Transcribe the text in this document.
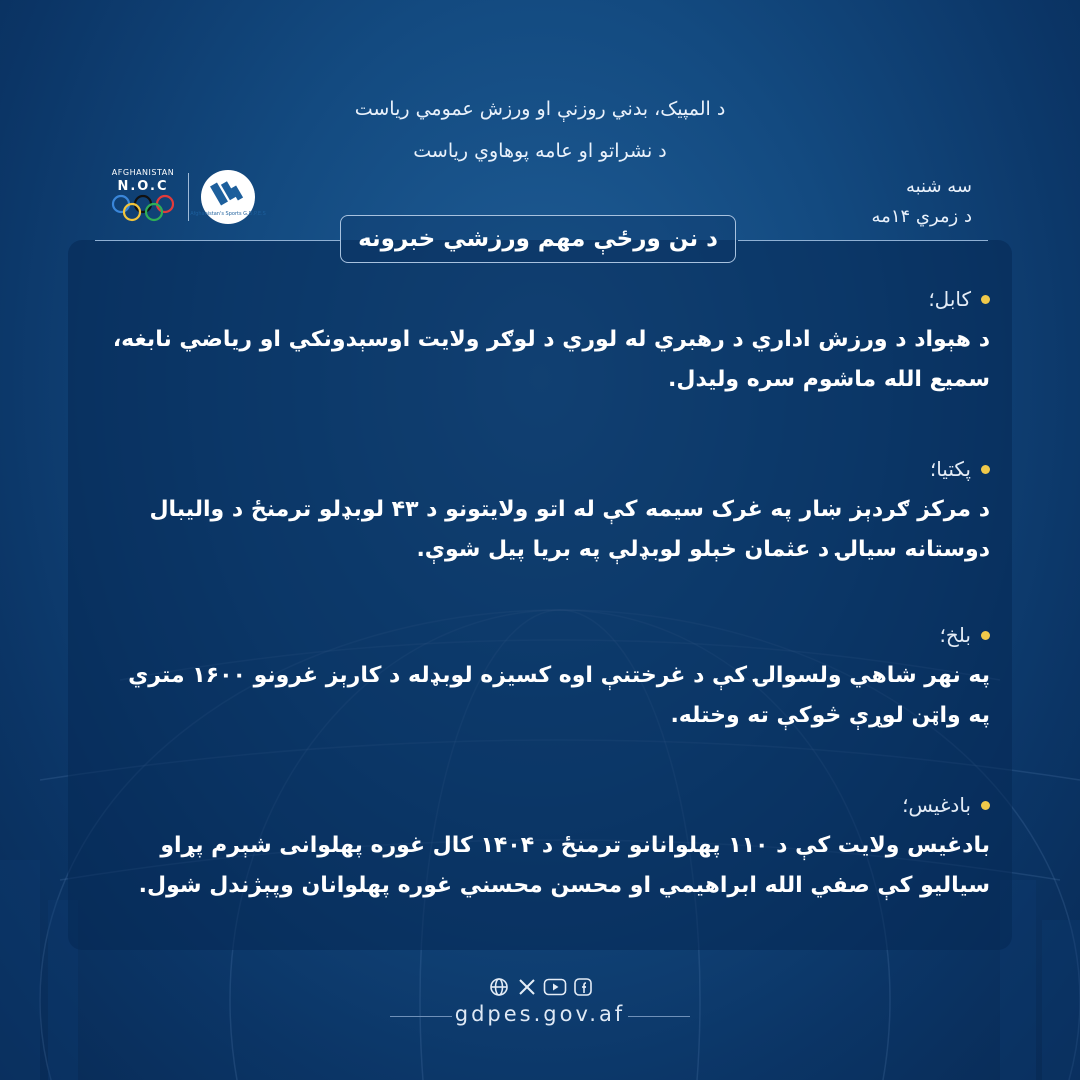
د المپیک، بدني روزنې او ورزش عمومي ریاست
د نشراتو او عامه پوهاوي ریاست
AFGHANISTAN
N.O.C
Afghanistan's Sports G.D.P.E.S
سه شنبه
د زمري ۱۴مه
د نن ورځې مهم ورزشي خبرونه
کابل؛
د هېواد د ورزش اداري د رهبري له لوري د لوګر ولایت اوسېدونکي او ریاضي نابغه، سمیع الله ماشوم سره ولیدل.
پکتیا؛
د مرکز ګردېز ښار په غرک سیمه کې له اتو ولایتونو د ۴۳ لوبډلو ترمنځ د والیبال دوستانه سیالۍ د عثمان خېلو لوبډلې په بریا پیل شوې.
بلخ؛
په نهر شاهي ولسوالۍ کې د غرختنې اوه کسیزه لوبډله د کارېز غرونو ۱۶۰۰ متري په واټن لوړې څوکې ته وختله.
بادغیس؛
بادغیس ولایت کې د ۱۱۰ پهلوانانو ترمنځ د ۱۴۰۴ کال غوره پهلوانی شېرم پړاو سیالیو کې صفي الله ابراهیمي او محسن محسني غوره پهلوانان وپېژندل شول.
gdpes.gov.af
